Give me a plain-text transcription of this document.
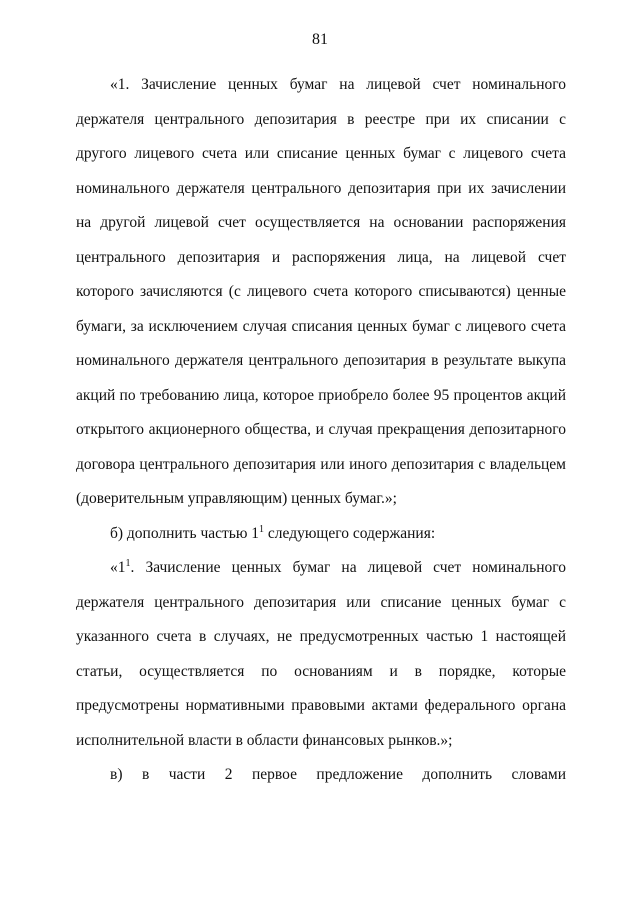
81

«1. Зачисление ценных бумаг на лицевой счет номинального держателя центрального депозитария в реестре при их списании с другого лицевого счета или списание ценных бумаг с лицевого счета номинального держателя центрального депозитария при их зачислении на другой лицевой счет осуществляется на основании распоряжения центрального депозитария и распоряжения лица, на лицевой счет которого зачисляются (с лицевого счета которого списываются) ценные бумаги, за исключением случая списания ценных бумаг с лицевого счета номинального держателя центрального депозитария в результате выкупа акций по требованию лица, которое приобрело более 95 процентов акций открытого акционерного общества, и случая прекращения депозитарного договора центрального депозитария или иного депозитария с владельцем (доверительным управляющим) ценных бумаг.»;

б) дополнить частью $1^1$ следующего содержания:

«$1^1$. Зачисление ценных бумаг на лицевой счет номинального держателя центрального депозитария или списание ценных бумаг с указанного счета в случаях, не предусмотренных частью 1 настоящей статьи, осуществляется по основаниям и в порядке, которые предусмотрены нормативными правовыми актами федерального органа исполнительной власти в области финансовых рынков.»;

в) в части 2 первое предложение дополнить словами
